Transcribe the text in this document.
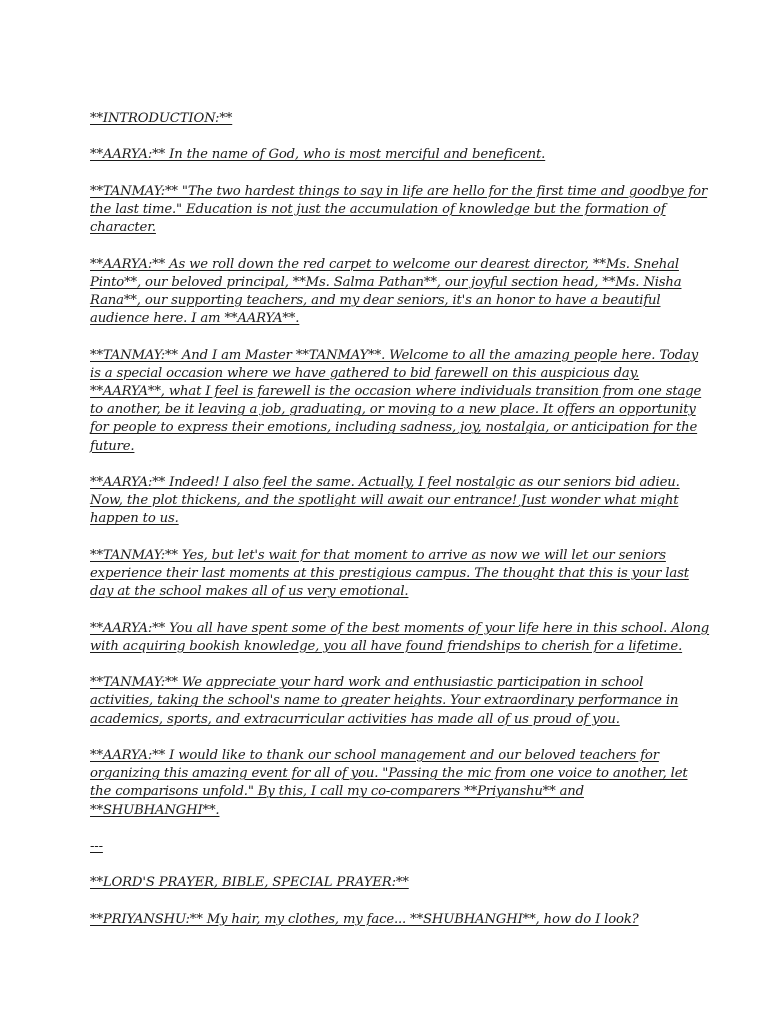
**INTRODUCTION:**

**AARYA:** In the name of God, who is most merciful and beneficent.

**TANMAY:** "The two hardest things to say in life are hello for the first time and goodbye for
the last time." Education is not just the accumulation of knowledge but the formation of
character.

**AARYA:** As we roll down the red carpet to welcome our dearest director, **Ms. Snehal
Pinto**, our beloved principal, **Ms. Salma Pathan**, our joyful section head, **Ms. Nisha
Rana**, our supporting teachers, and my dear seniors, it's an honor to have a beautiful
audience here. I am **AARYA**.

**TANMAY:** And I am Master **TANMAY**. Welcome to all the amazing people here. Today
is a special occasion where we have gathered to bid farewell on this auspicious day.
**AARYA**, what I feel is farewell is the occasion where individuals transition from one stage
to another, be it leaving a job, graduating, or moving to a new place. It offers an opportunity
for people to express their emotions, including sadness, joy, nostalgia, or anticipation for the
future.

**AARYA:** Indeed! I also feel the same. Actually, I feel nostalgic as our seniors bid adieu.
Now, the plot thickens, and the spotlight will await our entrance! Just wonder what might
happen to us.

**TANMAY:** Yes, but let's wait for that moment to arrive as now we will let our seniors
experience their last moments at this prestigious campus. The thought that this is your last
day at the school makes all of us very emotional.

**AARYA:** You all have spent some of the best moments of your life here in this school. Along
with acquiring bookish knowledge, you all have found friendships to cherish for a lifetime.

**TANMAY:** We appreciate your hard work and enthusiastic participation in school
activities, taking the school's name to greater heights. Your extraordinary performance in
academics, sports, and extracurricular activities has made all of us proud of you.

**AARYA:** I would like to thank our school management and our beloved teachers for
organizing this amazing event for all of you. "Passing the mic from one voice to another, let
the comparisons unfold." By this, I call my co-comparers **Priyanshu** and
**SHUBHANGHI**.

---

**LORD'S PRAYER, BIBLE, SPECIAL PRAYER:**

**PRIYANSHU:** My hair, my clothes, my face... **SHUBHANGHI**, how do I look?
